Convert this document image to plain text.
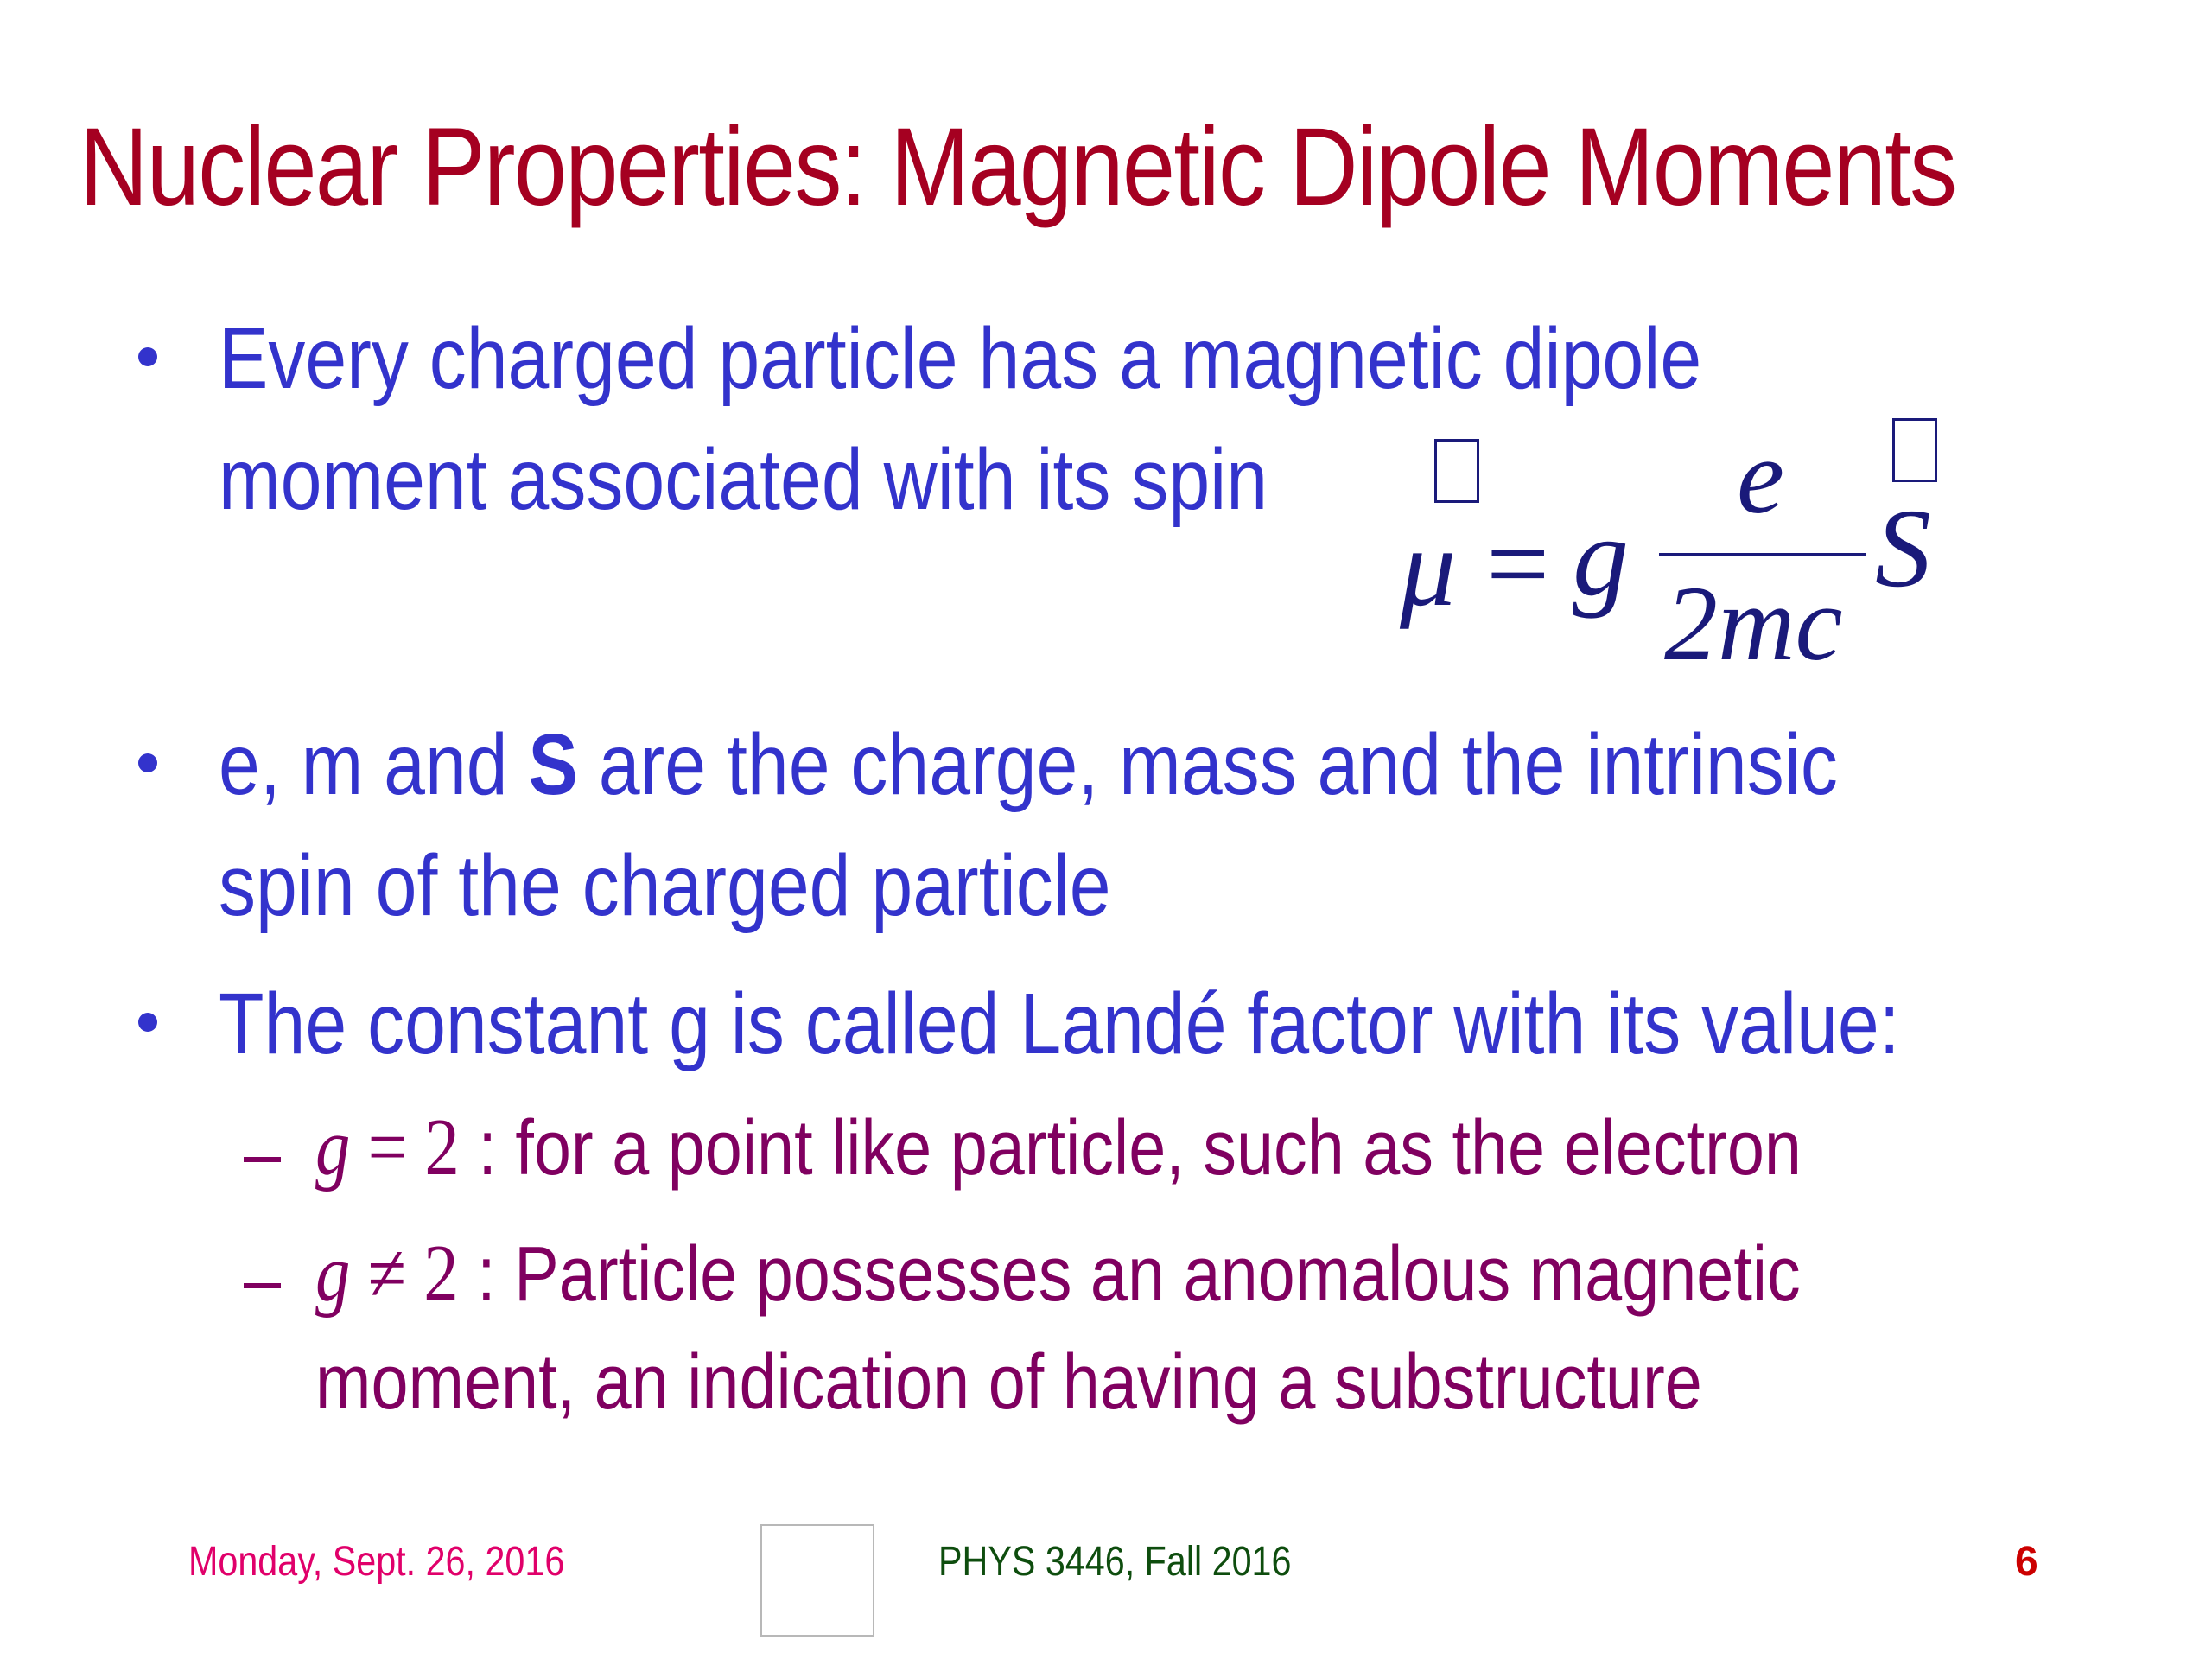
Nuclear Properties: Magnetic Dipole Moments
Every charged particle has a magnetic dipole
moment associated with its spin
μ = g
e
2mc
S
e, m and S are the charge, mass and the intrinsic
spin of the charged particle
The constant g is called Landé factor with its value:
– g = 2 : for a point like particle, such as the electron
– g ≠ 2 : Particle possesses an anomalous magnetic
moment, an indication of having a substructure
Monday, Sept. 26, 2016	PHYS 3446, Fall 2016	6
